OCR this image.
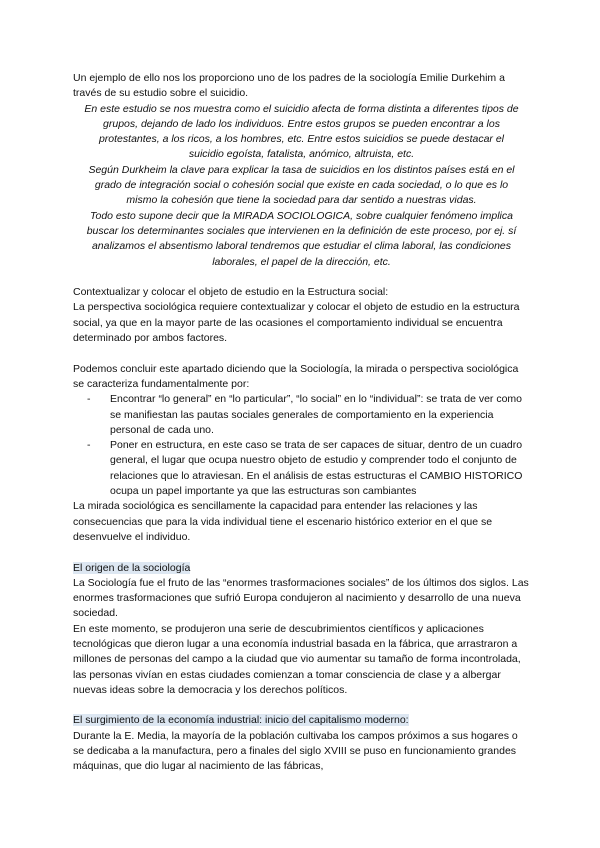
Un ejemplo de ello nos los proporciono uno de los padres de la sociología Emilie Durkehim a través de su estudio sobre el suicidio.

En este estudio se nos muestra como el suicidio afecta de forma distinta a diferentes tipos de grupos, dejando de lado los individuos. Entre estos grupos se pueden encontrar a los protestantes, a los ricos, a los hombres, etc. Entre estos suicidios se puede destacar el suicidio egoísta, fatalista, anómico, altruista, etc.

Según Durkheim la clave para explicar la tasa de suicidios en los distintos países está en el grado de integración social o cohesión social que existe en cada sociedad, o lo que es lo mismo la cohesión que tiene la sociedad para dar sentido a nuestras vidas.

Todo esto supone decir que la MIRADA SOCIOLOGICA, sobre cualquier fenómeno implica buscar los determinantes sociales que intervienen en la definición de este proceso, por ej. sí analizamos el absentismo laboral tendremos que estudiar el clima laboral, las condiciones laborales, el papel de la dirección, etc.

Contextualizar y colocar el objeto de estudio en la Estructura social:

La perspectiva sociológica requiere contextualizar y colocar el objeto de estudio en la estructura social, ya que en la mayor parte de las ocasiones el comportamiento individual se encuentra determinado por ambos factores.

Podemos concluir este apartado diciendo que la Sociología, la mirada o perspectiva sociológica se caracteriza fundamentalmente por:

- Encontrar “lo general” en “lo particular”, “lo social” en lo “individual”: se trata de ver como se manifiestan las pautas sociales generales de comportamiento en la experiencia personal de cada uno.
- Poner en estructura, en este caso se trata de ser capaces de situar, dentro de un cuadro general, el lugar que ocupa nuestro objeto de estudio y comprender todo el conjunto de relaciones que lo atraviesan. En el análisis de estas estructuras el CAMBIO HISTORICO ocupa un papel importante ya que las estructuras son cambiantes

La mirada sociológica es sencillamente la capacidad para entender las relaciones y las consecuencias que para la vida individual tiene el escenario histórico exterior en el que se desenvuelve el individuo.

El origen de la sociología

La Sociología fue el fruto de las “enormes trasformaciones sociales” de los últimos dos siglos. Las enormes trasformaciones que sufrió Europa condujeron al nacimiento y desarrollo de una nueva sociedad.

En este momento, se produjeron una serie de descubrimientos científicos y aplicaciones tecnológicas que dieron lugar a una economía industrial basada en la fábrica, que arrastraron a millones de personas del campo a la ciudad que vio aumentar su tamaño de forma incontrolada, las personas vivían en estas ciudades comienzan a tomar consciencia de clase y a albergar nuevas ideas sobre la democracia y los derechos políticos.

El surgimiento de la economía industrial: inicio del capitalismo moderno:

Durante la E. Media, la mayoría de la población cultivaba los campos próximos a sus hogares o se dedicaba a la manufactura, pero a finales del siglo XVIII se puso en funcionamiento grandes máquinas, que dio lugar al nacimiento de las fábricas,
